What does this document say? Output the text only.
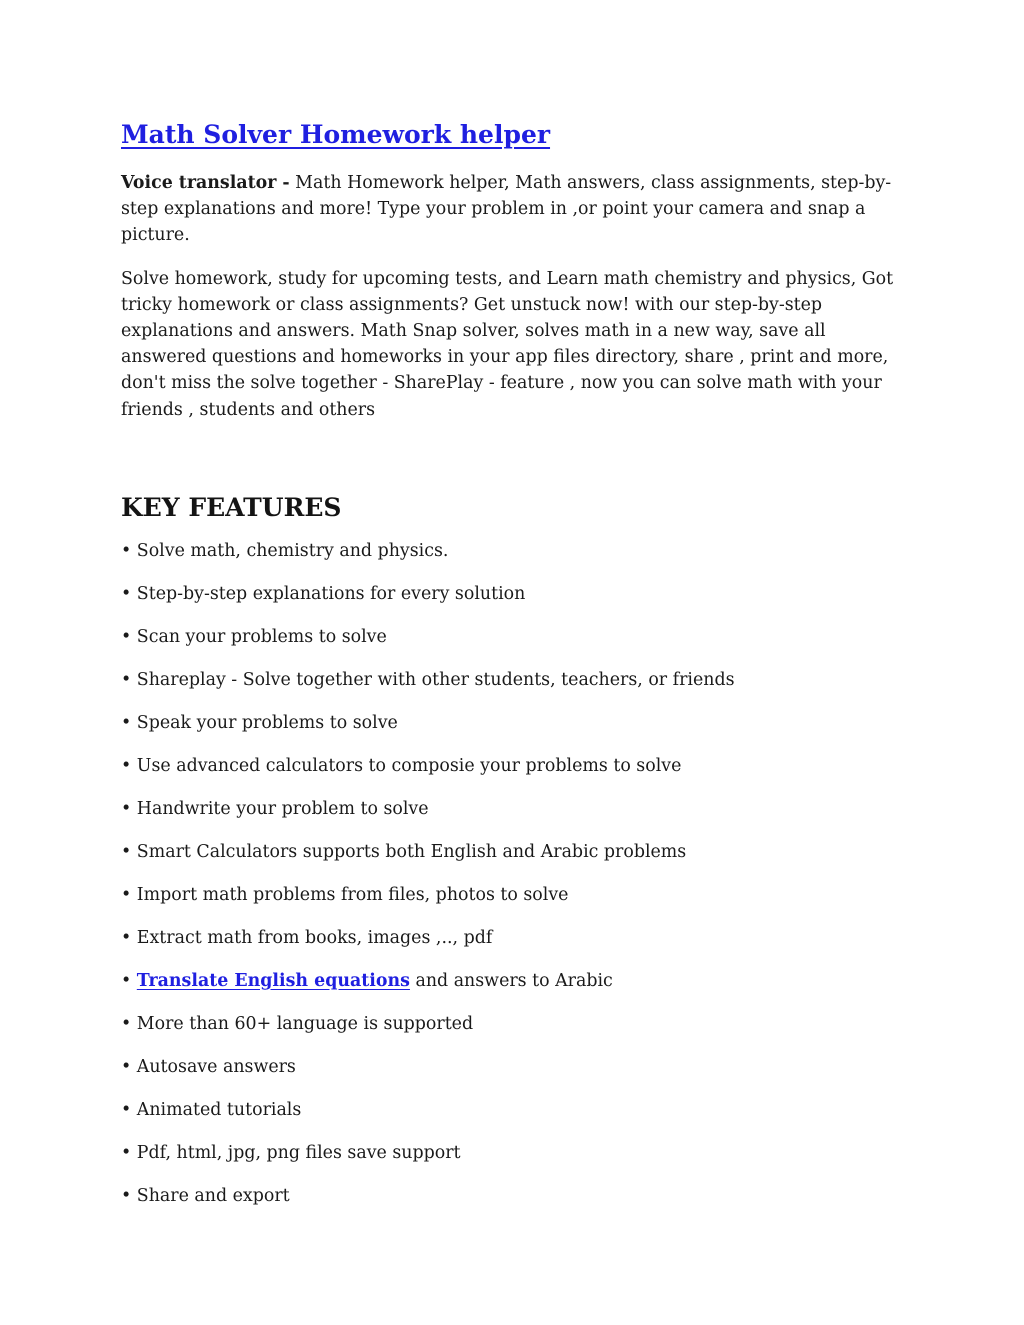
Math Solver Homework helper

Voice translator - Math Homework helper, Math answers, class assignments, step-by-step explanations and more! Type your problem in ,or point your camera and snap a picture.

Solve homework, study for upcoming tests, and Learn math chemistry and physics, Got tricky homework or class assignments? Get unstuck now! with our step-by-step explanations and answers. Math Snap solver, solves math in a new way, save all answered questions and homeworks in your app files directory, share , print and more, don't miss the solve together - SharePlay - feature , now you can solve math with your friends , students and others

KEY FEATURES
• Solve math, chemistry and physics.
• Step-by-step explanations for every solution
• Scan your problems to solve
• Shareplay - Solve together with other students, teachers, or friends
• Speak your problems to solve
• Use advanced calculators to composie your problems to solve
• Handwrite your problem to solve
• Smart Calculators supports both English and Arabic problems
• Import math problems from files, photos to solve
• Extract math from books, images ,.., pdf
• Translate English equations and answers to Arabic
• More than 60+ language is supported
• Autosave answers
• Animated tutorials
• Pdf, html, jpg, png files save support
• Share and export
